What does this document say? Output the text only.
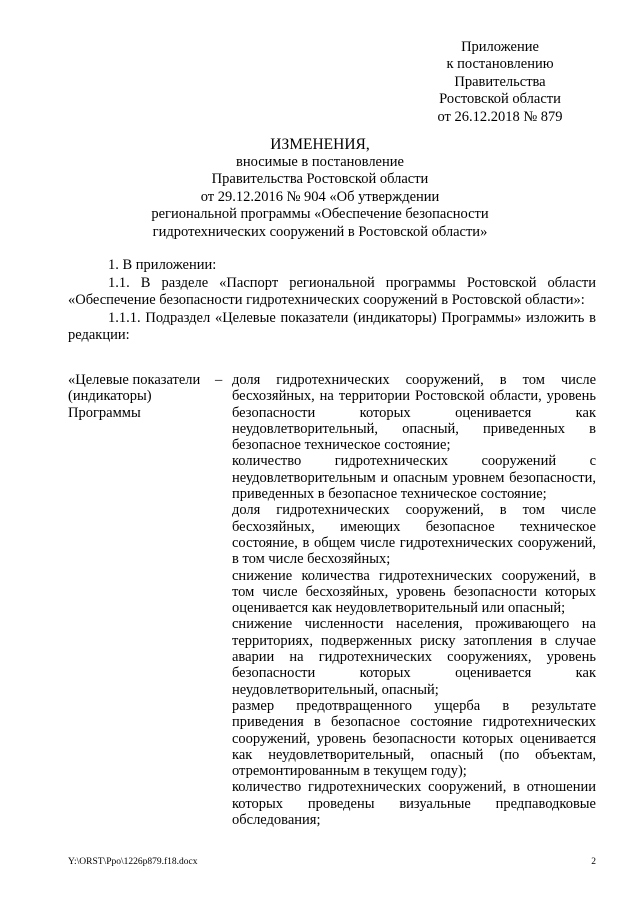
Приложение
к постановлению
Правительства
Ростовской области
от 26.12.2018 № 879
ИЗМЕНЕНИЯ,
вносимые в постановление
Правительства Ростовской области
от 29.12.2016 № 904 «Об утверждении
региональной программы «Обеспечение безопасности
гидротехнических сооружений в Ростовской области»

1. В приложении:

1.1. В разделе «Паспорт региональной программы Ростовской области «Обеспечение безопасности гидротехнических сооружений в Ростовской области»:

1.1.1. Подраздел «Целевые показатели (индикаторы) Программы» изложить в редакции:

«Целевые показатели (индикаторы) Программы
– доля гидротехнических сооружений, в том числе бесхозяйных, на территории Ростовской области, уровень безопасности которых оценивается как неудовлетворительный, опасный, приведенных в безопасное техническое состояние;

количество гидротехнических сооружений с неудовлетворительным и опасным уровнем безопасности, приведенных в безопасное техническое состояние;

доля гидротехнических сооружений, в том числе бесхозяйных, имеющих безопасное техническое состояние, в общем числе гидротехнических сооружений, в том числе бесхозяйных;

снижение количества гидротехнических сооружений, в том числе бесхозяйных, уровень безопасности которых оценивается как неудовлетворительный или опасный;

снижение численности населения, проживающего на территориях, подверженных риску затопления в случае аварии на гидротехнических сооружениях, уровень безопасности которых оценивается как неудовлетворительный, опасный;

размер предотвращенного ущерба в результате приведения в безопасное состояние гидротехнических сооружений, уровень безопасности которых оценивается как неудовлетворительный, опасный (по объектам, отремонтированным в текущем году);

количество гидротехнических сооружений, в отношении которых проведены визуальные предпаводковые обследования;

Y:\ORST\Ppo\1226p879.f18.docx	2
